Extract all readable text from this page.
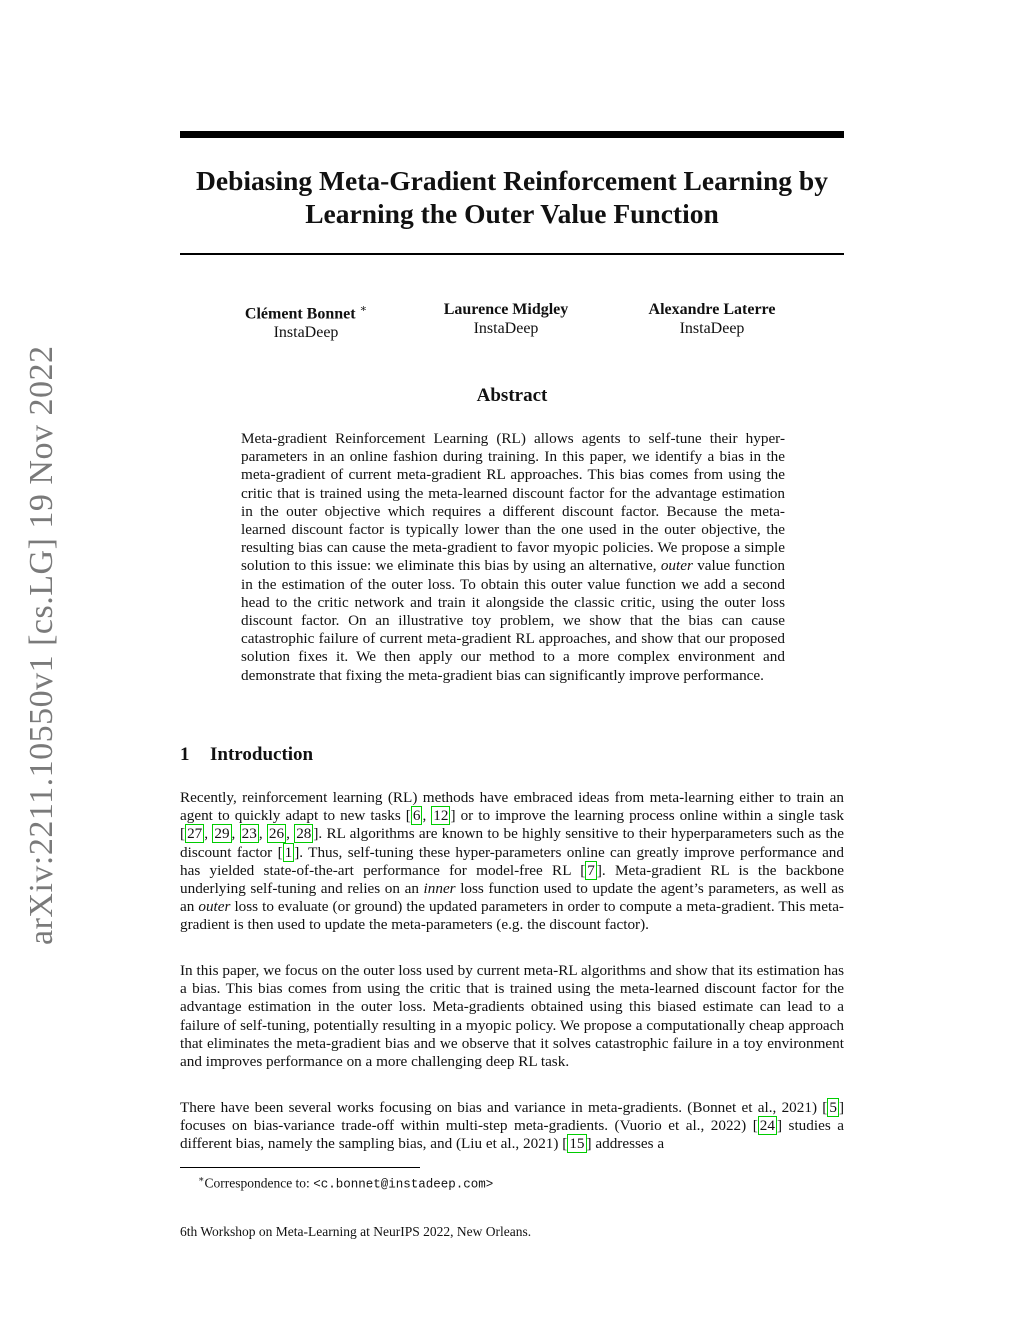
arXiv:2211.10550v1 [cs.LG] 19 Nov 2022
Debiasing Meta-Gradient Reinforcement Learning by
Learning the Outer Value Function
Clément Bonnet ∗
InstaDeep
Laurence Midgley
InstaDeep
Alexandre Laterre
InstaDeep
Abstract

Meta-gradient Reinforcement Learning (RL) allows agents to self-tune their hyper-parameters in an online fashion during training. In this paper, we identify a bias in the meta-gradient of current meta-gradient RL approaches. This bias comes from using the critic that is trained using the meta-learned discount factor for the advantage estimation in the outer objective which requires a different discount factor. Because the meta-learned discount factor is typically lower than the one used in the outer objective, the resulting bias can cause the meta-gradient to favor myopic policies. We propose a simple solution to this issue: we eliminate this bias by using an alternative, outer value function in the estimation of the outer loss. To obtain this outer value function we add a second head to the critic network and train it alongside the classic critic, using the outer loss discount factor. On an illustrative toy problem, we show that the bias can cause catastrophic failure of current meta-gradient RL approaches, and show that our proposed solution fixes it. We then apply our method to a more complex environment and demonstrate that fixing the meta-gradient bias can significantly improve performance.

1 Introduction

Recently, reinforcement learning (RL) methods have embraced ideas from meta-learning either to train an agent to quickly adapt to new tasks [ 6 , 12 ] or to improve the learning process online within a single task [ 27 , 29 , 23 , 26 , 28 ]. RL algorithms are known to be highly sensitive to their hyperparameters such as the discount factor [ 1 ]. Thus, self-tuning these hyper-parameters online can greatly improve performance and has yielded state-of-the-art performance for model-free RL [ 7 ]. Meta-gradient RL is the backbone underlying self-tuning and relies on an inner loss function used to update the agent’s parameters, as well as an outer loss to evaluate (or ground) the updated parameters in order to compute a meta-gradient. This meta-gradient is then used to update the meta-parameters (e.g. the discount factor).

In this paper, we focus on the outer loss used by current meta-RL algorithms and show that its estimation has a bias. This bias comes from using the critic that is trained using the meta-learned discount factor for the advantage estimation in the outer loss. Meta-gradients obtained using this biased estimate can lead to a failure of self-tuning, potentially resulting in a myopic policy. We propose a computationally cheap approach that eliminates the meta-gradient bias and we observe that it solves catastrophic failure in a toy environment and improves performance on a more challenging deep RL task.

There have been several works focusing on bias and variance in meta-gradients. (Bonnet et al., 2021) [ 5 ] focuses on bias-variance trade-off within multi-step meta-gradients. (Vuorio et al., 2022) [ 24 ] studies a different bias, namely the sampling bias, and (Liu et al., 2021) [ 15 ] addresses a

∗Correspondence to: <c.bonnet@instadeep.com>
6th Workshop on Meta-Learning at NeurIPS 2022, New Orleans.
